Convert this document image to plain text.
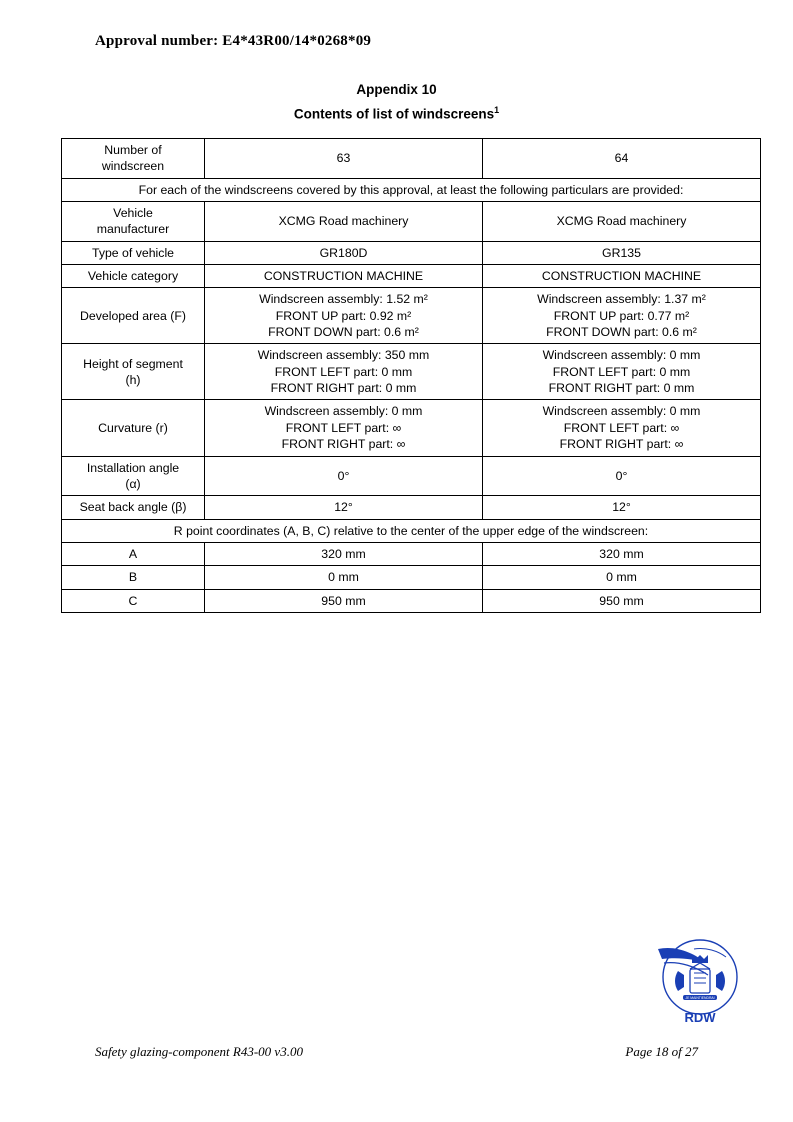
Approval number: E4*43R00/14*0268*09
Appendix 10
Contents of list of windscreens$^1$
Number of
windscreen	63	64
For each of the windscreens covered by this approval, at least the following particulars are provided:		

Vehicle
manufacturer	XCMG Road machinery	XCMG Road machinery
Type of vehicle	GR180D	GR135
Vehicle category	CONSTRUCTION MACHINE	CONSTRUCTION MACHINE
Developed area (F)	Windscreen assembly: 1.52 m²
FRONT UP part: 0.92 m²
FRONT DOWN part: 0.6 m²	Windscreen assembly: 1.37 m²
FRONT UP part: 0.77 m²
FRONT DOWN part: 0.6 m²

Height of segment
(h)	Windscreen assembly: 350 mm
FRONT LEFT part: 0 mm
FRONT RIGHT part: 0 mm	Windscreen assembly: 0 mm
FRONT LEFT part: 0 mm
FRONT RIGHT part: 0 mm

Curvature (r)	Windscreen assembly: 0 mm
FRONT LEFT part: ∞
FRONT RIGHT part: ∞	Windscreen assembly: 0 mm
FRONT LEFT part: ∞
FRONT RIGHT part: ∞

Installation angle
(α)	0°	0°
Seat back angle (β)	12°	12°
R point coordinates (A, B, C) relative to the center of the upper edge of the windscreen:		
A	320 mm	320 mm
B	0 mm	0 mm
C	950 mm	950 mm
JE MAINTIENDRAI
RDW
Safety glazing-component R43-00 v3.00	Page 18 of 27
